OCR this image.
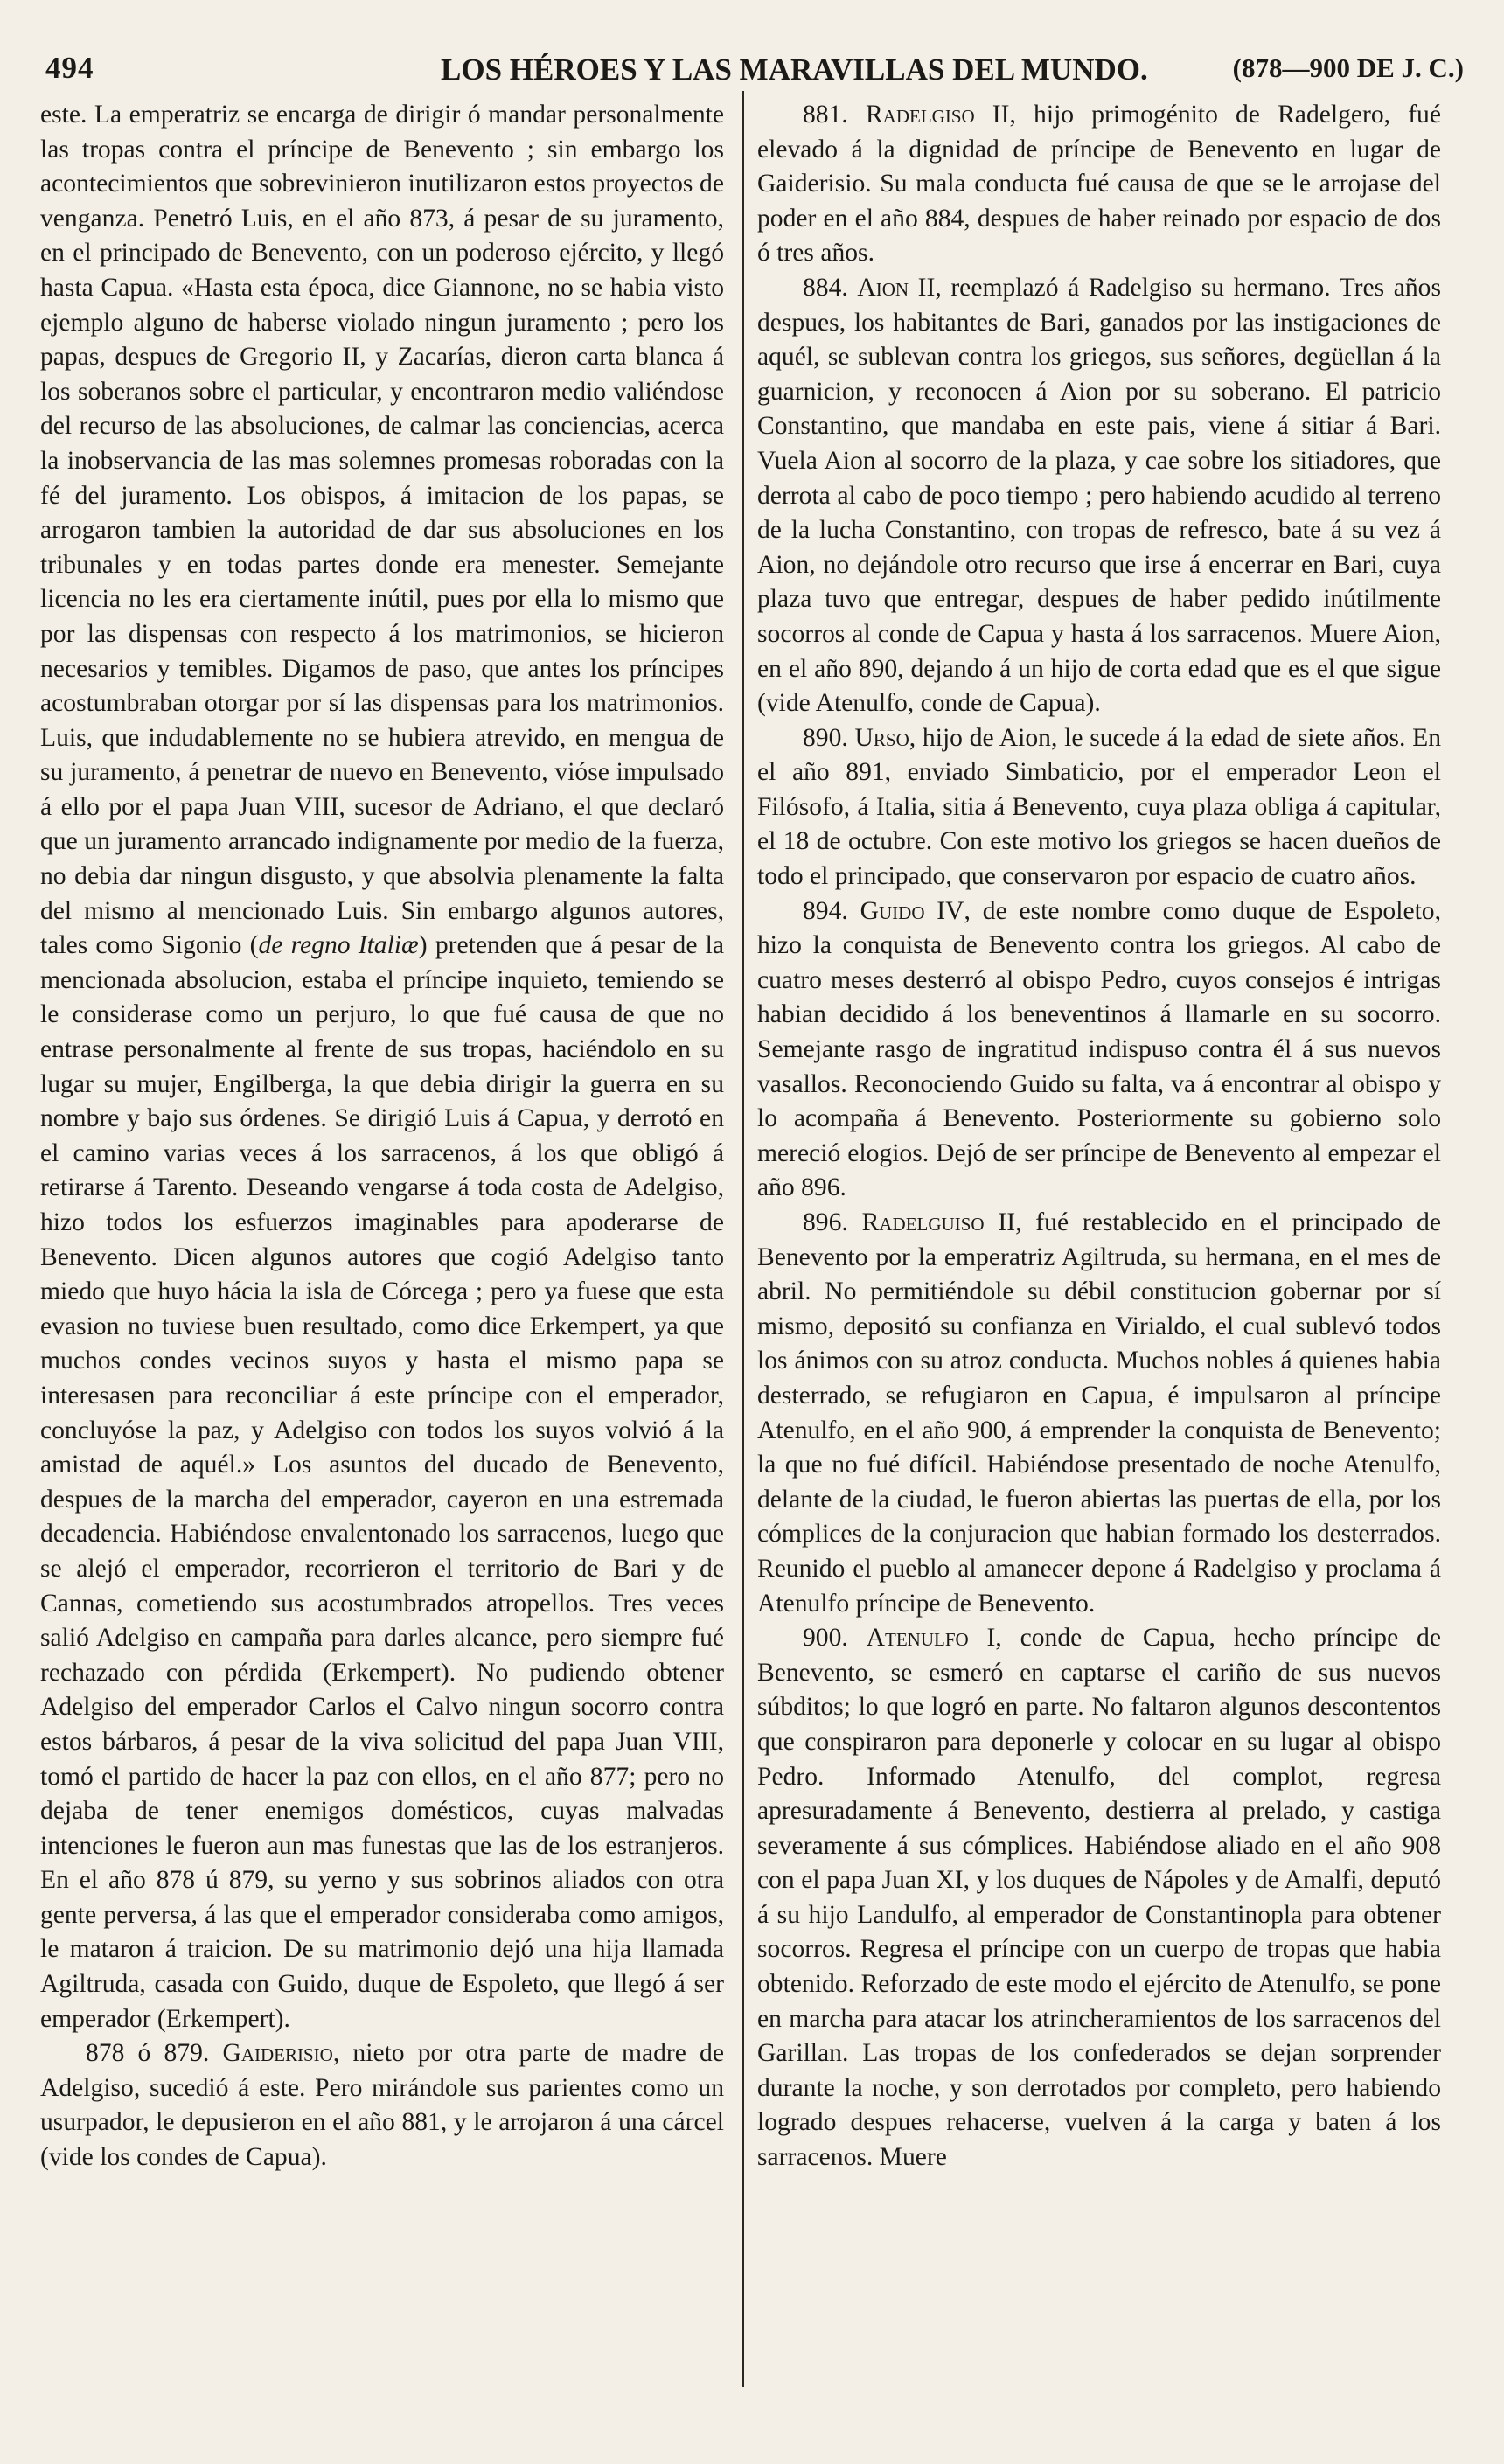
494	LOS HÉROES Y LAS MARAVILLAS DEL MUNDO.	(878—900 DE J. C.)

este. La emperatriz se encarga de dirigir ó mandar personalmente las tropas contra el príncipe de Benevento ; sin embargo los acontecimientos que sobrevinieron inutilizaron estos proyectos de venganza. Penetró Luis, en el año 873, á pesar de su juramento, en el principado de Benevento, con un poderoso ejército, y llegó hasta Capua. «Hasta esta época, dice Giannone, no se habia visto ejemplo alguno de haberse violado ningun juramento ; pero los papas, despues de Gregorio II, y Zacarías, dieron carta blanca á los soberanos sobre el particular, y encontraron medio valiéndose del recurso de las absoluciones, de calmar las conciencias, acerca la inobservancia de las mas solemnes promesas roboradas con la fé del juramento. Los obispos, á imitacion de los papas, se arrogaron tambien la autoridad de dar sus absoluciones en los tribunales y en todas partes donde era menester. Semejante licencia no les era ciertamente inútil, pues por ella lo mismo que por las dispensas con respecto á los matrimonios, se hicieron necesarios y temibles. Digamos de paso, que antes los príncipes acostumbraban otorgar por sí las dispensas para los matrimonios. Luis, que indudablemente no se hubiera atrevido, en mengua de su juramento, á penetrar de nuevo en Benevento, vióse impulsado á ello por el papa Juan VIII, sucesor de Adriano, el que declaró que un juramento arrancado indignamente por medio de la fuerza, no debia dar ningun disgusto, y que absolvia plenamente la falta del mismo al mencionado Luis. Sin embargo algunos autores, tales como Sigonio (de regno Italiæ) pretenden que á pesar de la mencionada absolucion, estaba el príncipe inquieto, temiendo se le considerase como un perjuro, lo que fué causa de que no entrase personalmente al frente de sus tropas, haciéndolo en su lugar su mujer, Engilberga, la que debia dirigir la guerra en su nombre y bajo sus órdenes. Se dirigió Luis á Capua, y derrotó en el camino varias veces á los sarracenos, á los que obligó á retirarse á Tarento. Deseando vengarse á toda costa de Adelgiso, hizo todos los esfuerzos imaginables para apoderarse de Benevento. Dicen algunos autores que cogió Adelgiso tanto miedo que huyo hácia la isla de Córcega ; pero ya fuese que esta evasion no tuviese buen resultado, como dice Erkempert, ya que muchos condes vecinos suyos y hasta el mismo papa se interesasen para reconciliar á este príncipe con el emperador, concluyóse la paz, y Adelgiso con todos los suyos volvió á la amistad de aquél.» Los asuntos del ducado de Benevento, despues de la marcha del emperador, cayeron en una estremada decadencia. Habiéndose envalentonado los sarracenos, luego que se alejó el emperador, recorrieron el territorio de Bari y de Cannas, cometiendo sus acostumbrados atropellos. Tres veces salió Adelgiso en campaña para darles alcance, pero siempre fué rechazado con pérdida (Erkempert). No pudiendo obtener Adelgiso del emperador Carlos el Calvo ningun socorro contra estos bárbaros, á pesar de la viva solicitud del papa Juan VIII, tomó el partido de hacer la paz con ellos, en el año 877; pero no dejaba de tener enemigos domésticos, cuyas malvadas intenciones le fueron aun mas funestas que las de los estranjeros. En el año 878 ú 879, su yerno y sus sobrinos aliados con otra gente perversa, á las que el emperador consideraba como amigos, le mataron á traicion. De su matrimonio dejó una hija llamada Agiltruda, casada con Guido, duque de Espoleto, que llegó á ser emperador (Erkempert).

878 ó 879. Gaiderisio, nieto por otra parte de madre de Adelgiso, sucedió á este. Pero mirándole sus parientes como un usurpador, le depusieron en el año 881, y le arrojaron á una cárcel (vide los condes de Capua).

881. Radelgiso II, hijo primogénito de Radelgero, fué elevado á la dignidad de príncipe de Benevento en lugar de Gaiderisio. Su mala conducta fué causa de que se le arrojase del poder en el año 884, despues de haber reinado por espacio de dos ó tres años.

884. Aion II, reemplazó á Radelgiso su hermano. Tres años despues, los habitantes de Bari, ganados por las instigaciones de aquél, se sublevan contra los griegos, sus señores, degüellan á la guarnicion, y reconocen á Aion por su soberano. El patricio Constantino, que mandaba en este pais, viene á sitiar á Bari. Vuela Aion al socorro de la plaza, y cae sobre los sitiadores, que derrota al cabo de poco tiempo ; pero habiendo acudido al terreno de la lucha Constantino, con tropas de refresco, bate á su vez á Aion, no dejándole otro recurso que irse á encerrar en Bari, cuya plaza tuvo que entregar, despues de haber pedido inútilmente socorros al conde de Capua y hasta á los sarracenos. Muere Aion, en el año 890, dejando á un hijo de corta edad que es el que sigue (vide Atenulfo, conde de Capua).

890. Urso, hijo de Aion, le sucede á la edad de siete años. En el año 891, enviado Simbaticio, por el emperador Leon el Filósofo, á Italia, sitia á Benevento, cuya plaza obliga á capitular, el 18 de octubre. Con este motivo los griegos se hacen dueños de todo el principado, que conservaron por espacio de cuatro años.

894. Guido IV, de este nombre como duque de Espoleto, hizo la conquista de Benevento contra los griegos. Al cabo de cuatro meses desterró al obispo Pedro, cuyos consejos é intrigas habian decidido á los beneventinos á llamarle en su socorro. Semejante rasgo de ingratitud indispuso contra él á sus nuevos vasallos. Reconociendo Guido su falta, va á encontrar al obispo y lo acompaña á Benevento. Posteriormente su gobierno solo mereció elogios. Dejó de ser príncipe de Benevento al empezar el año 896.

896. Radelguiso II, fué restablecido en el principado de Benevento por la emperatriz Agiltruda, su hermana, en el mes de abril. No permitiéndole su débil constitucion gobernar por sí mismo, depositó su confianza en Virialdo, el cual sublevó todos los ánimos con su atroz conducta. Muchos nobles á quienes habia desterrado, se refugiaron en Capua, é impulsaron al príncipe Atenulfo, en el año 900, á emprender la conquista de Benevento; la que no fué difícil. Habiéndose presentado de noche Atenulfo, delante de la ciudad, le fueron abiertas las puertas de ella, por los cómplices de la conjuracion que habian formado los desterrados. Reunido el pueblo al amanecer depone á Radelgiso y proclama á Atenulfo príncipe de Benevento.

900. Atenulfo I, conde de Capua, hecho príncipe de Benevento, se esmeró en captarse el cariño de sus nuevos súbditos; lo que logró en parte. No faltaron algunos descontentos que conspiraron para deponerle y colocar en su lugar al obispo Pedro. Informado Atenulfo, del complot, regresa apresuradamente á Benevento, destierra al prelado, y castiga severamente á sus cómplices. Habiéndose aliado en el año 908 con el papa Juan XI, y los duques de Nápoles y de Amalfi, deputó á su hijo Landulfo, al emperador de Constantinopla para obtener socorros. Regresa el príncipe con un cuerpo de tropas que habia obtenido. Reforzado de este modo el ejército de Atenulfo, se pone en marcha para atacar los atrincheramientos de los sarracenos del Garillan. Las tropas de los confederados se dejan sorprender durante la noche, y son derrotados por completo, pero habiendo logrado despues rehacerse, vuelven á la carga y baten á los sarracenos. Muere
